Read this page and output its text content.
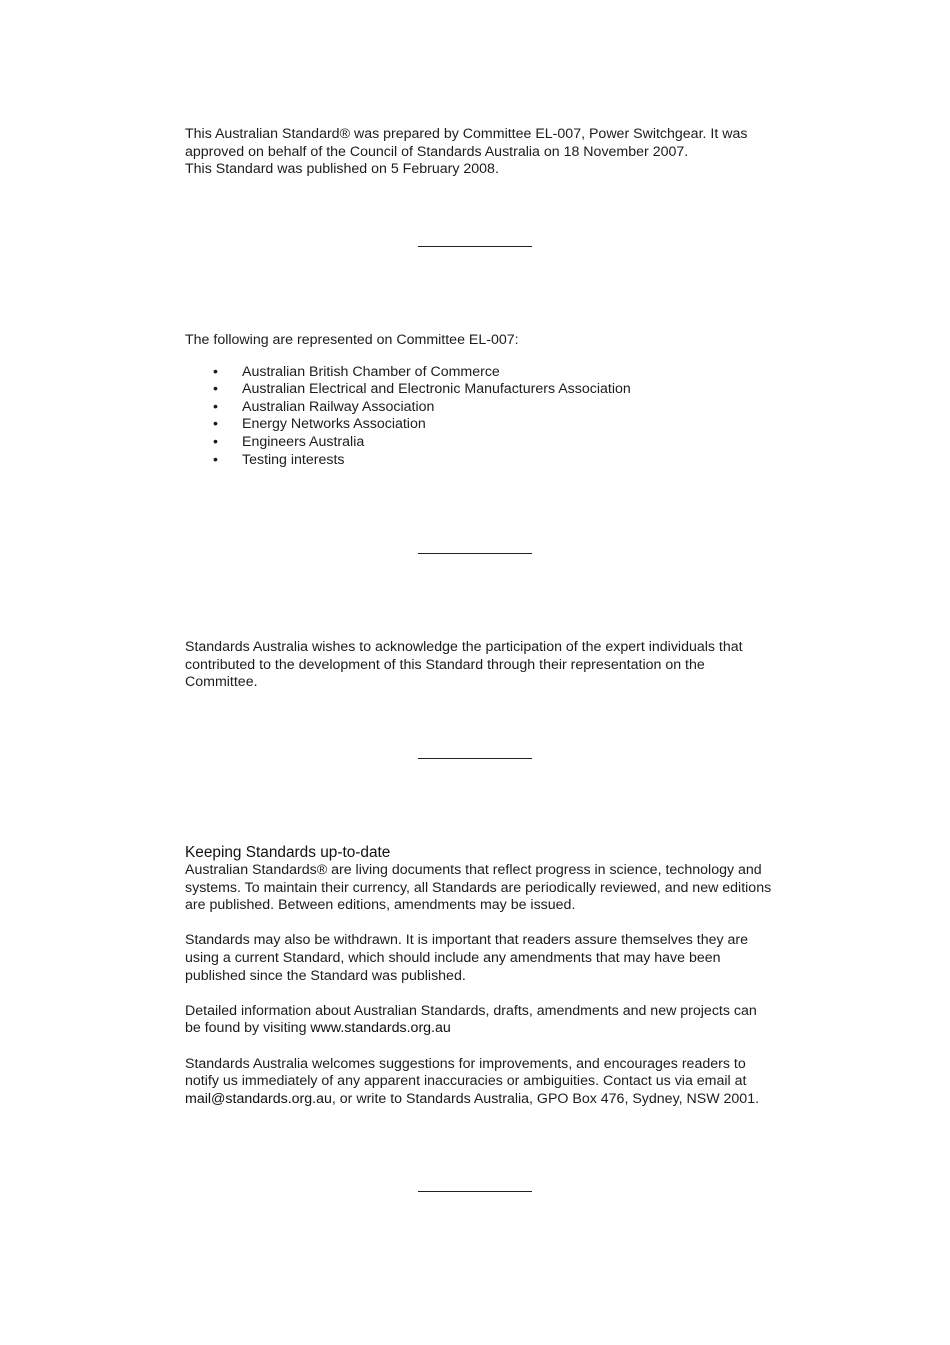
This Australian Standard® was prepared by Committee EL-007, Power Switchgear. It was

approved on behalf of the Council of Standards Australia on 18 November 2007.

This Standard was published on 5 February 2008.

The following are represented on Committee EL-007:

• Australian British Chamber of Commerce
• Australian Electrical and Electronic Manufacturers Association
• Australian Railway Association
• Energy Networks Association
• Engineers Australia
• Testing interests

Standards Australia wishes to acknowledge the participation of the expert individuals that

contributed to the development of this Standard through their representation on the

Committee.

Keeping Standards up-to-date

Australian Standards® are living documents that reflect progress in science, technology and

systems. To maintain their currency, all Standards are periodically reviewed, and new editions

are published. Between editions, amendments may be issued.

Standards may also be withdrawn. It is important that readers assure themselves they are

using a current Standard, which should include any amendments that may have been

published since the Standard was published.

Detailed information about Australian Standards, drafts, amendments and new projects can

be found by visiting www.standards.org.au

Standards Australia welcomes suggestions for improvements, and encourages readers to

notify us immediately of any apparent inaccuracies or ambiguities. Contact us via email at

mail@standards.org.au, or write to Standards Australia, GPO Box 476, Sydney, NSW 2001.
